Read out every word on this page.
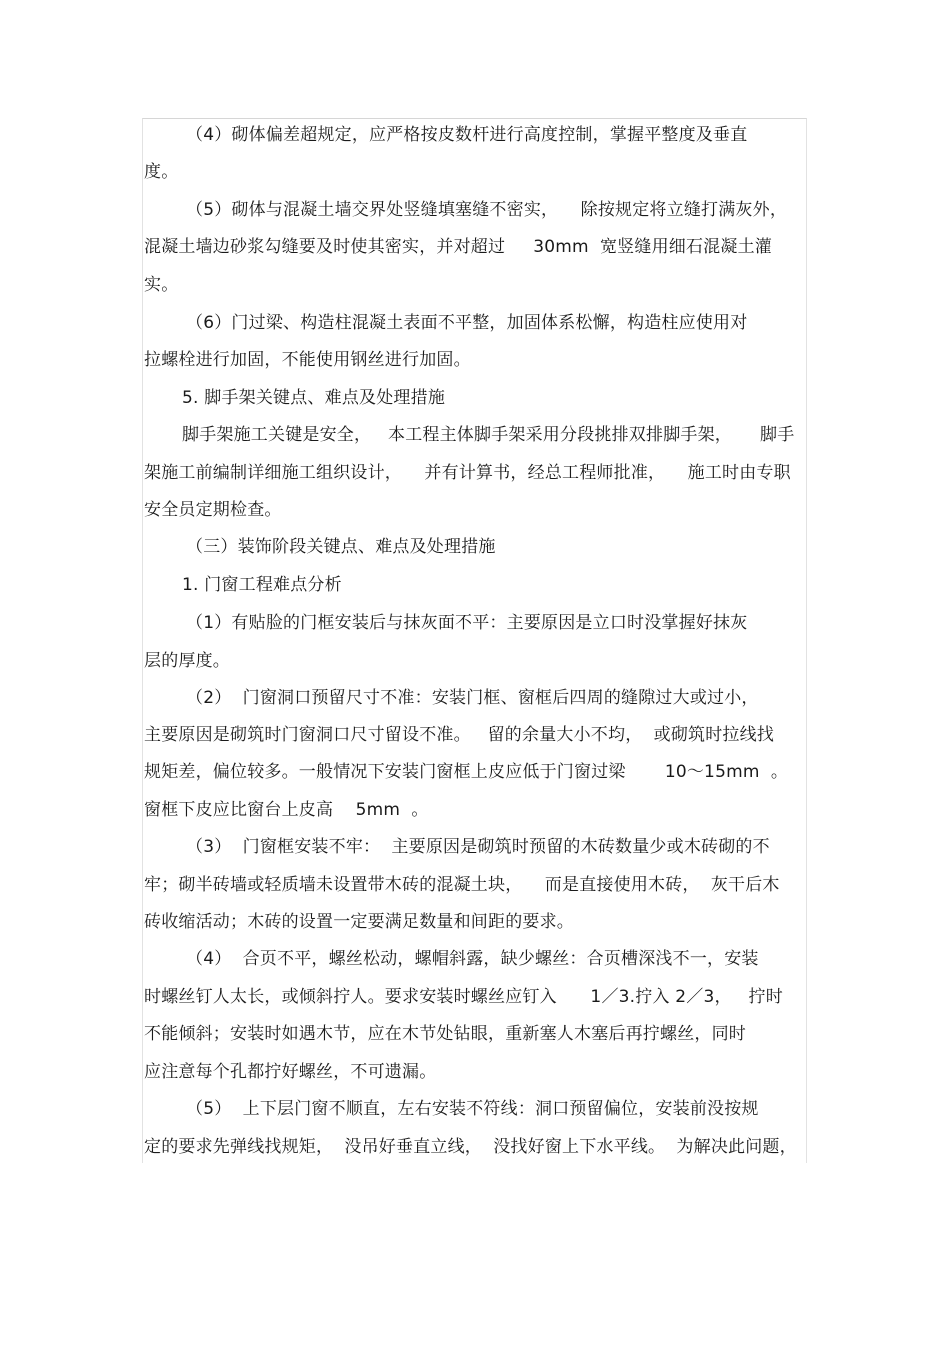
（4）砌体偏差超规定，应严格按皮数杆进行高度控制，掌握平整度及垂直
度。
（5）砌体与混凝土墙交界处竖缝填塞缝不密实，    除按规定将立缝打满灰外，
混凝土墙边砂浆勾缝要及时使其密实，并对超过     30mm  宽竖缝用细石混凝土灌
实。
（6）门过梁、构造柱混凝土表面不平整，加固体系松懈，构造柱应使用对
拉螺栓进行加固，不能使用钢丝进行加固。
5. 脚手架关键点、难点及处理措施
脚手架施工关键是安全，   本工程主体脚手架采用分段挑排双排脚手架，     脚手
架施工前编制详细施工组织设计，    并有计算书，经总工程师批准，    施工时由专职
安全员定期检查。
（三）装饰阶段关键点、难点及处理措施
1. 门窗工程难点分析
（1）有贴脸的门框安装后与抹灰面不平：主要原因是立口时没掌握好抹灰
层的厚度。
（2）  门窗洞口预留尺寸不准：安装门框、窗框后四周的缝隙过大或过小，
主要原因是砌筑时门窗洞口尺寸留设不准。   留的余量大小不均，  或砌筑时拉线找
规矩差，偏位较多。一般情况下安装门窗框上皮应低于门窗过梁       10～15mm  。
窗框下皮应比窗台上皮高    5mm  。
（3）  门窗框安装不牢：  主要原因是砌筑时预留的木砖数量少或木砖砌的不
牢；砌半砖墙或轻质墙未设置带木砖的混凝土块，    而是直接使用木砖，  灰干后木
砖收缩活动；木砖的设置一定要满足数量和间距的要求。
（4）  合页不平，螺丝松动，螺帽斜露，缺少螺丝：合页槽深浅不一，安装
时螺丝钉人太长，或倾斜拧人。要求安装时螺丝应钉入      1／3.拧入 2／3，   拧时
不能倾斜；安装时如遇木节，应在木节处钻眼，重新塞人木塞后再拧螺丝，同时
应注意每个孔都拧好螺丝，不可遗漏。
（5）  上下层门窗不顺直，左右安装不符线：洞口预留偏位，安装前没按规
定的要求先弹线找规矩，  没吊好垂直立线，  没找好窗上下水平线。  为解决此问题，
